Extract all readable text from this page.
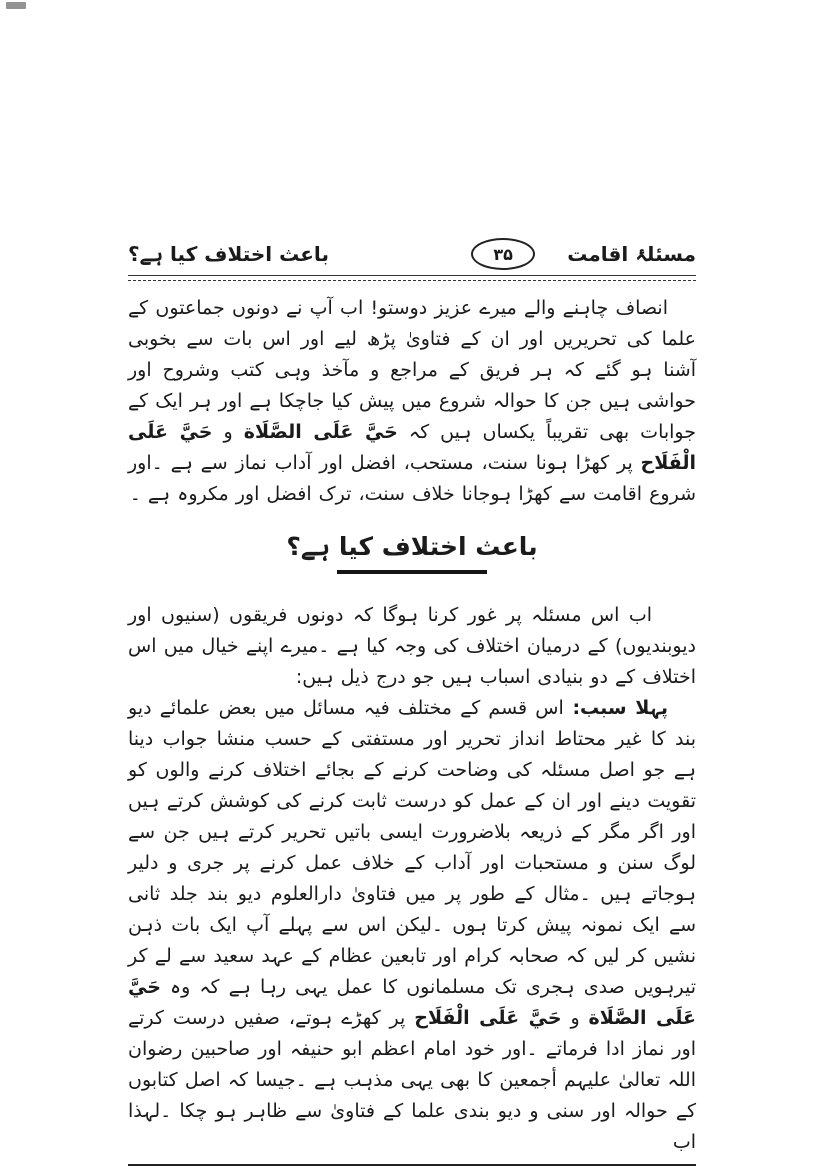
مسئلۂ اقامت
۳۵
باعث اختلاف کیا ہے؟

انصاف چاہنے والے میرے عزیز دوستو! اب آپ نے دونوں جماعتوں کے علما کی تحریریں اور ان کے فتاویٰ پڑھ لیے اور اس بات سے بخوبی آشنا ہو گئے کہ ہر فریق کے مراجع و مآخذ وہی کتب وشروح اور حواشی ہیں جن کا حوالہ شروع میں پیش کیا جاچکا ہے اور ہر ایک کے جوابات بھی تقریباً یکساں ہیں کہ حَيَّ عَلَى الصَّلَاة و حَيَّ عَلَى الْفَلَاح پر کھڑا ہونا سنت، مستحب، افضل اور آداب نماز سے ہے ۔اور شروع اقامت سے کھڑا ہوجانا خلاف سنت، ترک افضل اور مکروہ ہے ۔

باعث اختلاف کیا ہے؟

اب اس مسئلہ پر غور کرنا ہوگا کہ دونوں فریقوں (سنیوں اور دیوبندیوں) کے درمیان اختلاف کی وجہ کیا ہے ۔میرے اپنے خیال میں اس اختلاف کے دو بنیادی اسباب ہیں جو درج ذیل ہیں:

پہلا سبب: اس قسم کے مختلف فیہ مسائل میں بعض علمائے دیو بند کا غیر محتاط انداز تحریر اور مستفتی کے حسب منشا جواب دینا ہے جو اصل مسئلہ کی وضاحت کرنے کے بجائے اختلاف کرنے والوں کو تقویت دینے اور ان کے عمل کو درست ثابت کرنے کی کوشش کرتے ہیں اور اگر مگر کے ذریعہ بلاضرورت ایسی باتیں تحریر کرتے ہیں جن سے لوگ سنن و مستحبات اور آداب کے خلاف عمل کرنے پر جری و دلیر ہوجاتے ہیں ۔مثال کے طور پر میں فتاویٰ دارالعلوم دیو بند جلد ثانی سے ایک نمونہ پیش کرتا ہوں ۔لیکن اس سے پہلے آپ ایک بات ذہن نشیں کر لیں کہ صحابہ کرام اور تابعین عظام کے عہد سعید سے لے کر تیرہویں صدی ہجری تک مسلمانوں کا عمل یہی رہا ہے کہ وہ حَيَّ عَلَى الصَّلَاة و حَيَّ عَلَى الْفَلَاح پر کھڑے ہوتے، صفیں درست کرتے اور نماز ادا فرماتے ۔اور خود امام اعظم ابو حنیفہ اور صاحبین رضوان اللہ تعالیٰ علیہم أجمعین کا بھی یہی مذہب ہے ۔جیسا کہ اصل کتابوں کے حوالہ اور سنی و دیو بندی علما کے فتاویٰ سے ظاہر ہو چکا ۔لہذا اب
